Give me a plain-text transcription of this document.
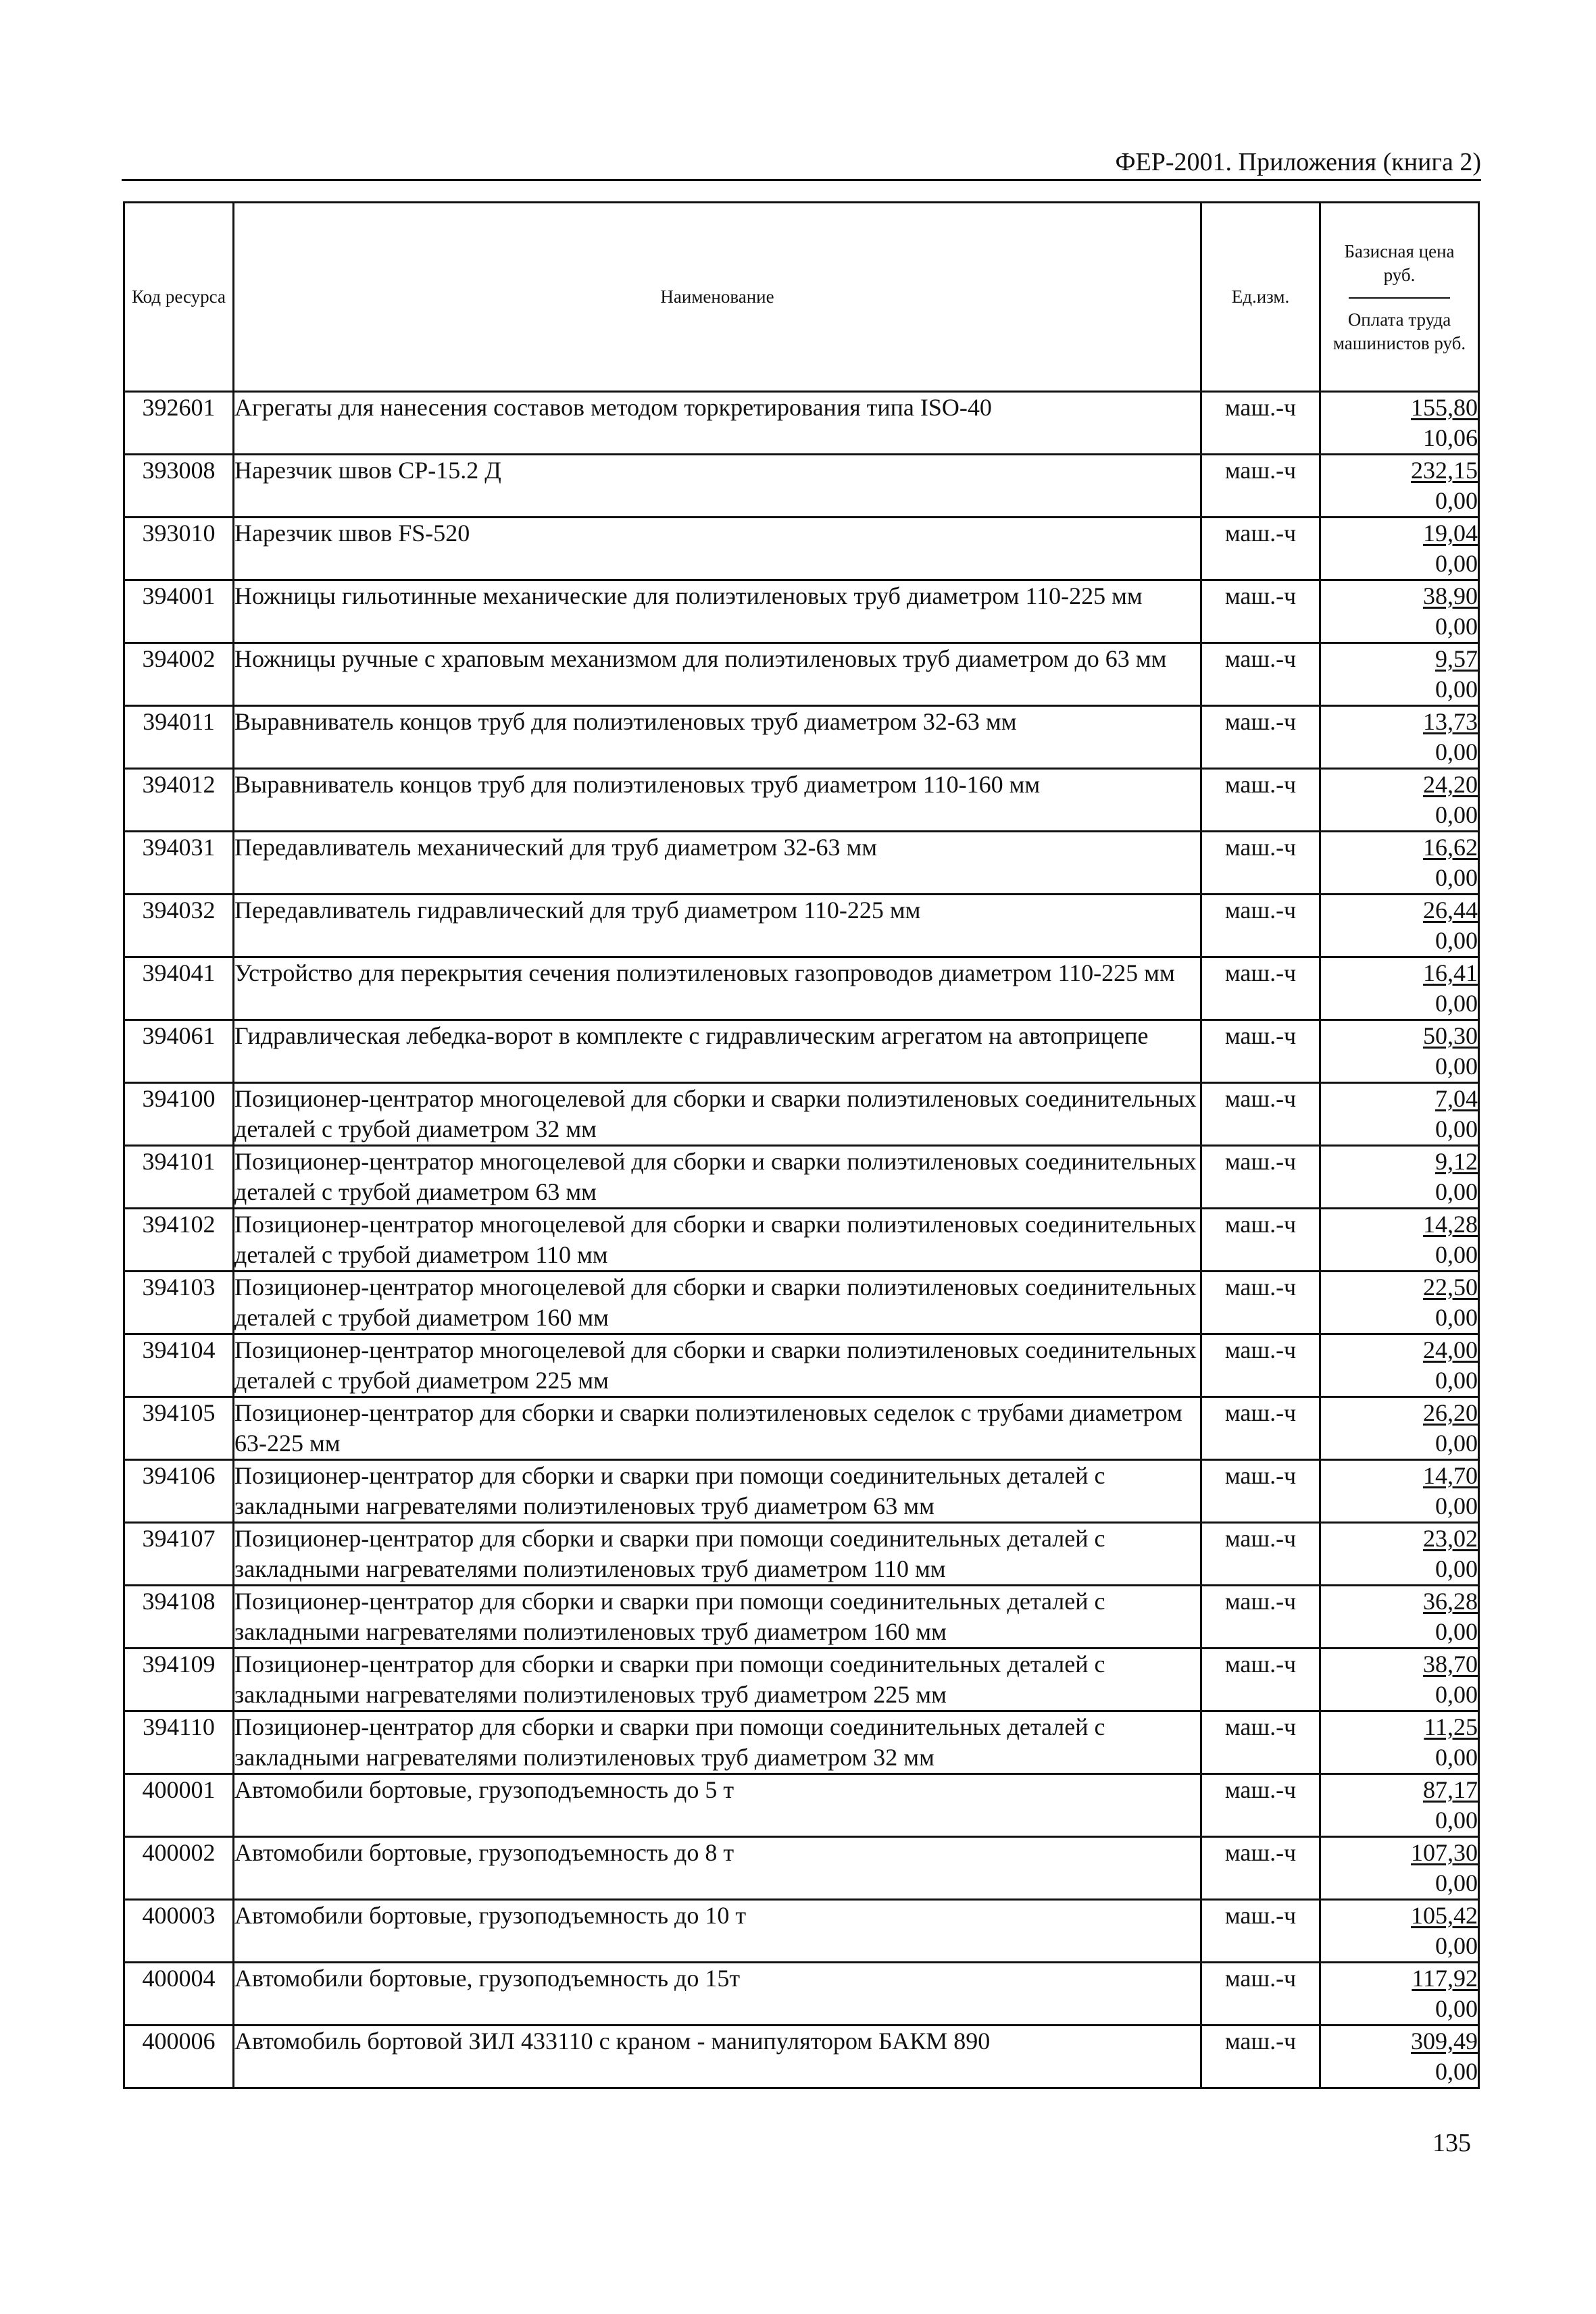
ФЕР-2001. Приложения (книга 2)
Код ресурса	Наименование	Ед.изм.	Базисная цена руб.
Оплата труда машинистов руб.

392601	Агрегаты для нанесения составов методом торкретирования типа ISO-40	маш.-ч	155,80
10,06

393008	Нарезчик швов CP-15.2 Д	маш.-ч	232,15
0,00

393010	Нарезчик швов FS-520	маш.-ч	19,04
0,00

394001	Ножницы гильотинные механические для полиэтиленовых труб диаметром 110-225 мм	маш.-ч	38,90
0,00

394002	Ножницы ручные с храповым механизмом для полиэтиленовых труб диаметром до 63 мм	маш.-ч	9,57
0,00

394011	Выравниватель концов труб для полиэтиленовых труб диаметром 32-63 мм	маш.-ч	13,73
0,00

394012	Выравниватель концов труб для полиэтиленовых труб диаметром 110-160 мм	маш.-ч	24,20
0,00

394031	Передавливатель механический для труб диаметром 32-63 мм	маш.-ч	16,62
0,00

394032	Передавливатель гидравлический для труб диаметром 110-225 мм	маш.-ч	26,44
0,00

394041	Устройство для перекрытия сечения полиэтиленовых газопроводов диаметром 110-225 мм	маш.-ч	16,41
0,00

394061	Гидравлическая лебедка-ворот в комплекте с гидравлическим агрегатом на автоприцепе	маш.-ч	50,30
0,00

394100	Позиционер-центратор многоцелевой для сборки и сварки полиэтиленовых соединительных деталей с трубой диаметром 32 мм	маш.-ч	7,04
0,00

394101	Позиционер-центратор многоцелевой для сборки и сварки полиэтиленовых соединительных деталей с трубой диаметром 63 мм	маш.-ч	9,12
0,00

394102	Позиционер-центратор многоцелевой для сборки и сварки полиэтиленовых соединительных деталей с трубой диаметром 110 мм	маш.-ч	14,28
0,00

394103	Позиционер-центратор многоцелевой для сборки и сварки полиэтиленовых соединительных деталей с трубой диаметром 160 мм	маш.-ч	22,50
0,00

394104	Позиционер-центратор многоцелевой для сборки и сварки полиэтиленовых соединительных деталей с трубой диаметром 225 мм	маш.-ч	24,00
0,00

394105	Позиционер-центратор для сборки и сварки полиэтиленовых седелок с трубами диаметром 63-225 мм	маш.-ч	26,20
0,00

394106	Позиционер-центратор для сборки и сварки при помощи соединительных деталей с закладными нагревателями полиэтиленовых труб диаметром 63 мм	маш.-ч	14,70
0,00

394107	Позиционер-центратор для сборки и сварки при помощи соединительных деталей с закладными нагревателями полиэтиленовых труб диаметром 110 мм	маш.-ч	23,02
0,00

394108	Позиционер-центратор для сборки и сварки при помощи соединительных деталей с закладными нагревателями полиэтиленовых труб диаметром 160 мм	маш.-ч	36,28
0,00

394109	Позиционер-центратор для сборки и сварки при помощи соединительных деталей с закладными нагревателями полиэтиленовых труб диаметром 225 мм	маш.-ч	38,70
0,00

394110	Позиционер-центратор для сборки и сварки при помощи соединительных деталей с закладными нагревателями полиэтиленовых труб диаметром 32 мм	маш.-ч	11,25
0,00

400001	Автомобили бортовые, грузоподъемность до 5 т	маш.-ч	87,17
0,00

400002	Автомобили бортовые, грузоподъемность до 8 т	маш.-ч	107,30
0,00

400003	Автомобили бортовые, грузоподъемность до 10 т	маш.-ч	105,42
0,00

400004	Автомобили бортовые, грузоподъемность до 15т	маш.-ч	117,92
0,00

400006	Автомобиль бортовой ЗИЛ 433110 с краном - манипулятором БАКМ 890	маш.-ч	309,49
0,00
135
